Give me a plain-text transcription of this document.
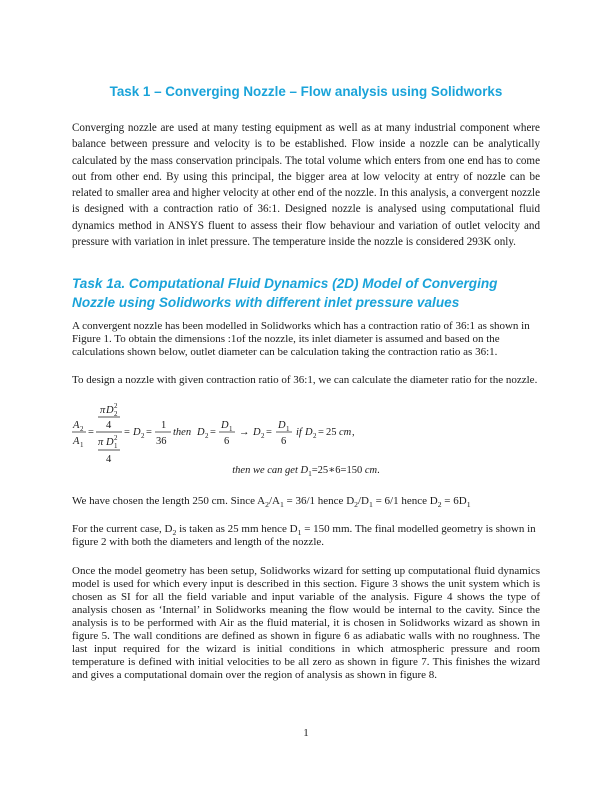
Task 1 – Converging Nozzle – Flow analysis using Solidworks

Converging nozzle are used at many testing equipment as well as at many industrial component where balance between pressure and velocity is to be established. Flow inside a nozzle can be analytically calculated by the mass conservation principals. The total volume which enters from one end has to come out from other end. By using this principal, the bigger area at low velocity at entry of nozzle can be related to smaller area and higher velocity at other end of the nozzle. In this analysis, a convergent nozzle is designed with a contraction ratio of 36:1. Designed nozzle is analysed using computational fluid dynamics method in ANSYS fluent to assess their flow behaviour and variation of outlet velocity and pressure with variation in inlet pressure. The temperature inside the nozzle is considered 293K only.

Task 1a. Computational Fluid Dynamics (2D) Model of Converging Nozzle using Solidworks with different inlet pressure values

A convergent nozzle has been modelled in Solidworks which has a contraction ratio of 36:1 as shown in Figure 1. To obtain the dimensions :1of the nozzle, its inlet diameter is assumed and based on the calculations shown below, outlet diameter can be calculation taking the contraction ratio as 36:1.

To design a nozzle with given contraction ratio of 36:1, we can calculate the diameter ratio for the nozzle.

A 2
A 1
=
π D 2
2
4
π D 1
2
4
= D 2 =
1
36
then D 2 =
D 1
6
→ D 2 =
D 1
6
if D 2 = 25 cm ,
then we can get $D_1=25∗6=150$ cm.

We have chosen the length 250 cm. Since $A_2/A_1 = 36/1$ hence $D_2/D_1 = 6/1$ hence $D_2 = 6D_1$

For the current case, $D_2$ is taken as 25 mm hence $D_1 = 150$ mm. The final modelled geometry is shown in figure 2 with both the diameters and length of the nozzle.

Once the model geometry has been setup, Solidworks wizard for setting up computational fluid dynamics model is used for which every input is described in this section. Figure 3 shows the unit system which is chosen as SI for all the field variable and input variable of the analysis. Figure 4 shows the type of analysis chosen as ‘Internal’ in Solidworks meaning the flow would be internal to the cavity. Since the analysis is to be performed with Air as the fluid material, it is chosen in Solidworks wizard as shown in figure 5. The wall conditions are defined as shown in figure 6 as adiabatic walls with no roughness. The last input required for the wizard is initial conditions in which atmospheric pressure and room temperature is defined with initial velocities to be all zero as shown in figure 7. This finishes the wizard and gives a computational domain over the region of analysis as shown in figure 8.

1
